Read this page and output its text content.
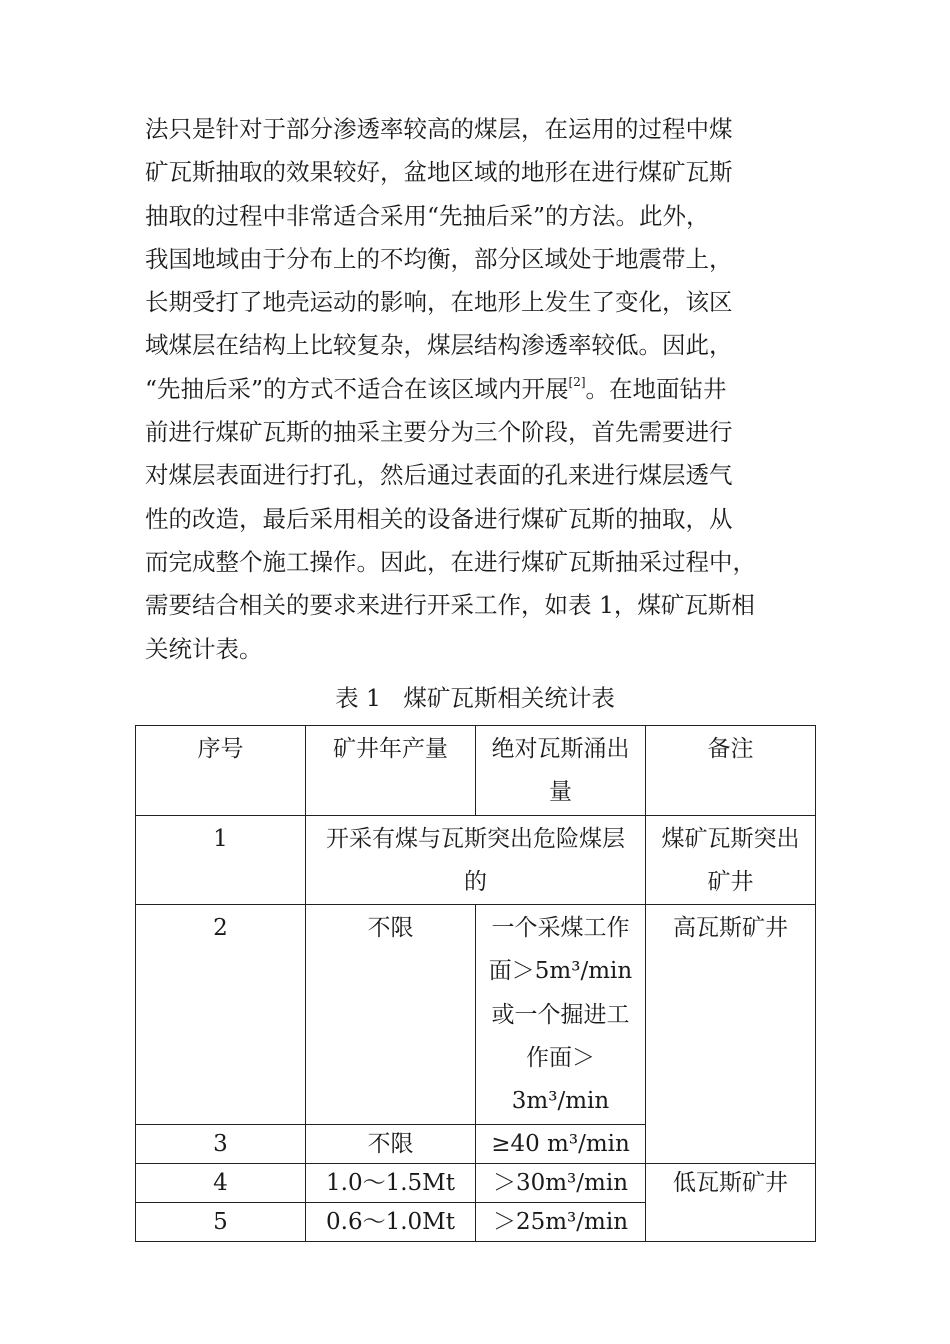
法只是针对于部分渗透率较高的煤层，在运用的过程中煤
矿瓦斯抽取的效果较好，盆地区域的地形在进行煤矿瓦斯
抽取的过程中非常适合采用“先抽后采”的方法。此外，
我国地域由于分布上的不均衡，部分区域处于地震带上，
长期受打了地壳运动的影响，在地形上发生了变化，该区
域煤层在结构上比较复杂，煤层结构渗透率较低。因此，
“先抽后采”的方式不适合在该区域内开展[2]。在地面钻井
前进行煤矿瓦斯的抽采主要分为三个阶段，首先需要进行
对煤层表面进行打孔，然后通过表面的孔来进行煤层透气
性的改造，最后采用相关的设备进行煤矿瓦斯的抽取，从
而完成整个施工操作。因此，在进行煤矿瓦斯抽采过程中，
需要结合相关的要求来进行开采工作，如表 1，煤矿瓦斯相
关统计表。
表 1   煤矿瓦斯相关统计表
序号	矿井年产量	绝对瓦斯涌出量	备注
1	开采有煤与瓦斯突出危险煤层的		煤矿瓦斯突出矿井
2	不限	一个采煤工作面＞5m³/min 或一个掘进工作面＞3m³/min	高瓦斯矿井
3	不限	≥40 m³/min	
4	1.0～1.5Mt	＞30m³/min	低瓦斯矿井
5	0.6～1.0Mt	＞25m³/min	
